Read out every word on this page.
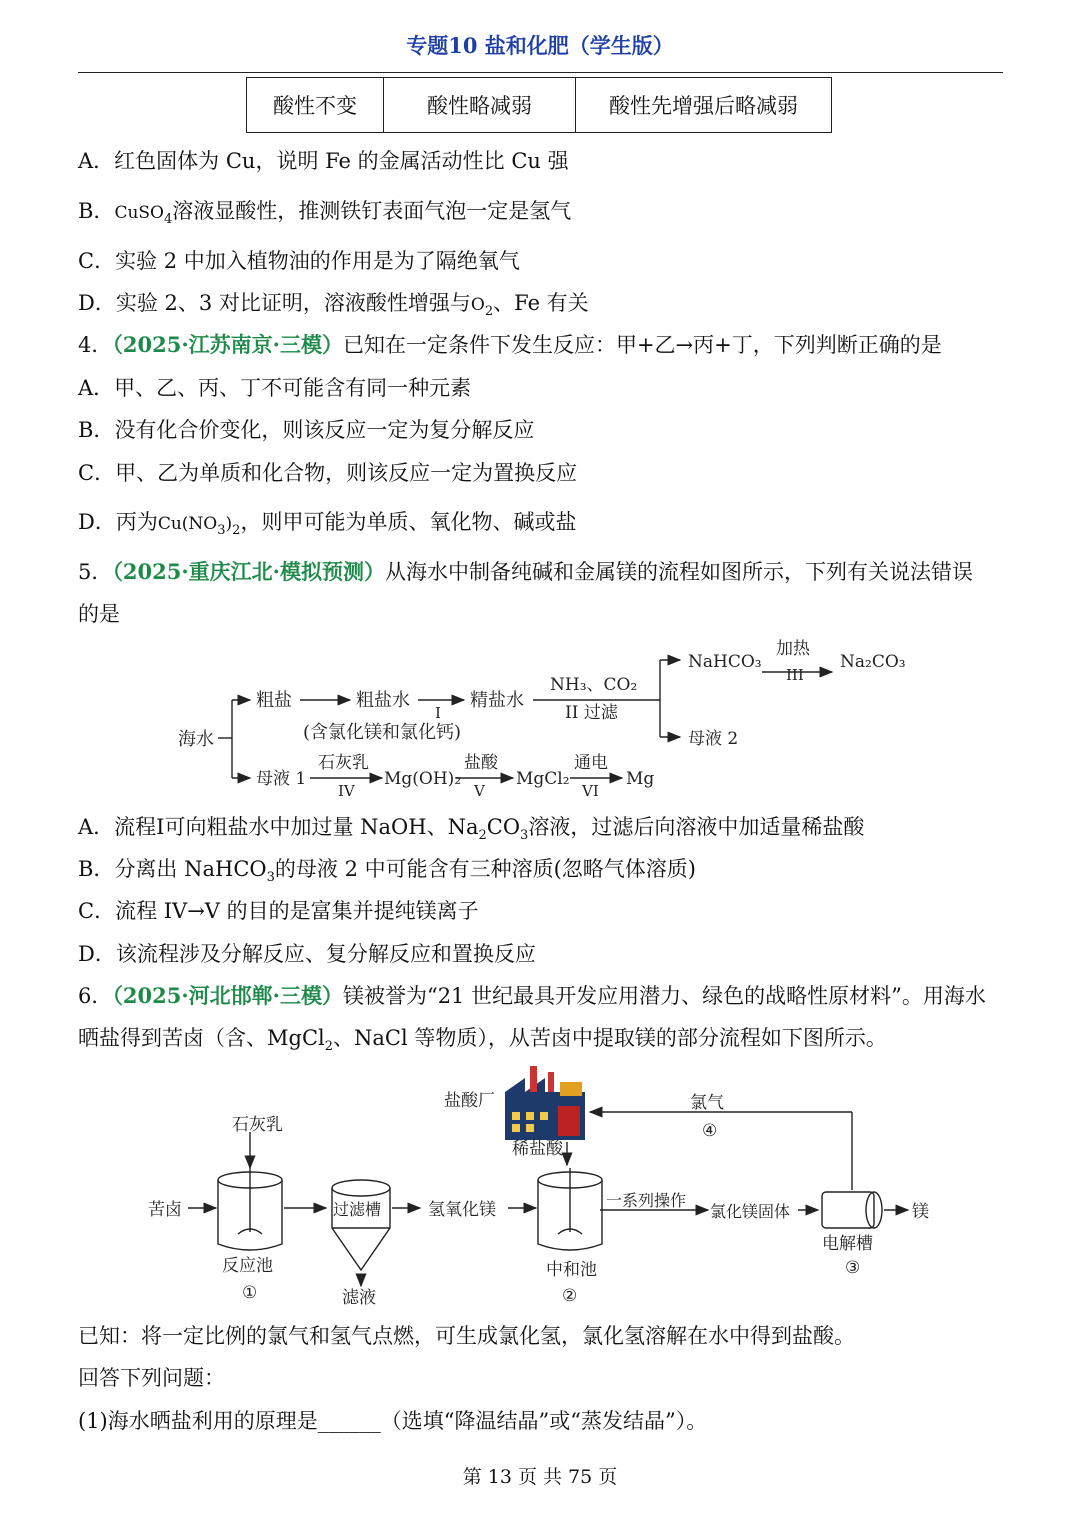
专题10 盐和化肥（学生版）
酸性不变	酸性略减弱	酸性先增强后略减弱
A．红色固体为 Cu，说明 Fe 的金属活动性比 Cu 强
B．CuSO$_4$溶液显酸性，推测铁钉表面气泡一定是氢气
C．实验 2 中加入植物油的作用是为了隔绝氧气
D．实验 2、3 对比证明，溶液酸性增强与$O_2$、Fe 有关
4．（2025·江苏南京·三模）已知在一定条件下发生反应：甲+乙→丙+丁，下列判断正确的是
A．甲、乙、丙、丁不可能含有同一种元素
B．没有化合价变化，则该反应一定为复分解反应
C．甲、乙为单质和化合物，则该反应一定为置换反应
D．丙为$Cu(NO_3)_2$，则甲可能为单质、氧化物、碱或盐
5．（2025·重庆江北·模拟预测）从海水中制备纯碱和金属镁的流程如图所示，下列有关说法错误
的是
海水
粗盐	粗盐水
I
(含氯化镁和氯化钙)
精盐水
NH₃、CO₂
II 过滤
NaHCO₃
加热
III
Na₂CO₃
母液 2
母液 1
石灰乳
IV
Mg(OH)₂
盐酸
V
MgCl₂
通电
VI
Mg
A．流程Ⅰ可向粗盐水中加过量 NaOH、$Na_2CO_3$溶液，过滤后向溶液中加适量稀盐酸
B．分离出 NaHCO$_3$的母液 2 中可能含有三种溶质(忽略气体溶质)
C．流程 IV→V 的目的是富集并提纯镁离子
D．该流程涉及分解反应、复分解反应和置换反应
6．（2025·河北邯郸·三模）镁被誉为“21 世纪最具开发应用潜力、绿色的战略性原材料”。用海水
晒盐得到苦卤（含、MgCl$_2$、NaCl 等物质），从苦卤中提取镁的部分流程如下图所示。
盐酸厂	氯气
④
石灰乳
稀盐酸
苦卤	过滤槽	氢氧化镁	一系列操作
氯化镁固体	镁
反应池
①	滤液
中和池
②
电解槽
③
已知：将一定比例的氯气和氢气点燃，可生成氯化氢，氯化氢溶解在水中得到盐酸。
回答下列问题：
(1)海水晒盐利用的原理是______（选填“降温结晶”或“蒸发结晶”）。
第 13 页 共 75 页
